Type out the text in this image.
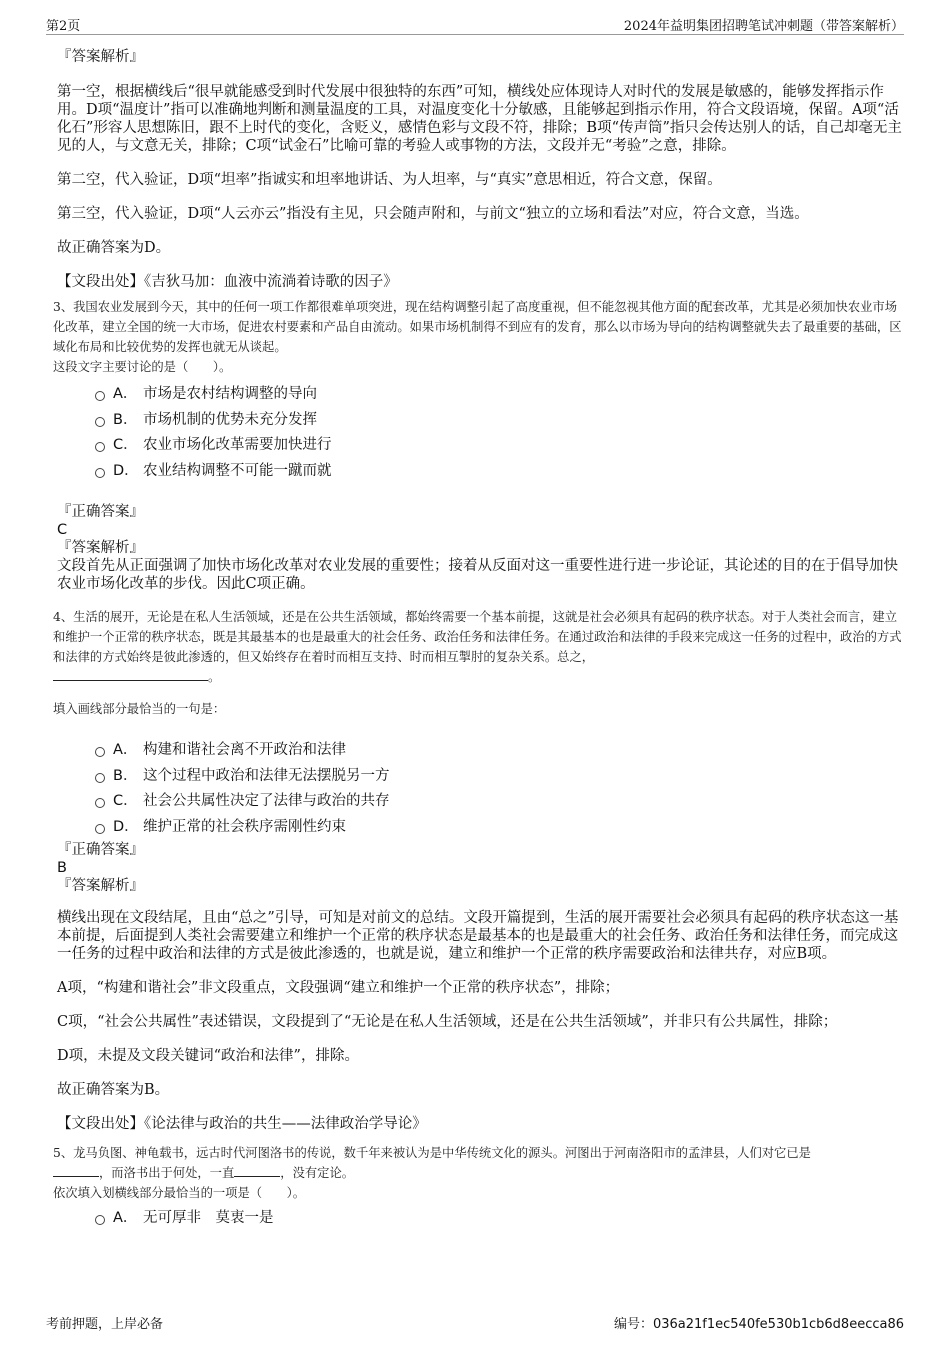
第2页	2024年益明集团招聘笔试冲刺题（带答案解析）

『答案解析』

第一空，根据横线后“很早就能感受到时代发展中很独特的东西”可知，横线处应体现诗人对时代的发展是敏感的，能够发挥指示作用。D项“温度计”指可以准确地判断和测量温度的工具，对温度变化十分敏感，且能够起到指示作用，符合文段语境，保留。A项“活化石”形容人思想陈旧，跟不上时代的变化，含贬义，感情色彩与文段不符，排除；B项“传声筒”指只会传达别人的话，自己却毫无主见的人，与文意无关，排除；C项“试金石”比喻可靠的考验人或事物的方法，文段并无“考验”之意，排除。

第二空，代入验证，D项“坦率”指诚实和坦率地讲话、为人坦率，与“真实”意思相近，符合文意，保留。

第三空，代入验证，D项“人云亦云”指没有主见，只会随声附和，与前文“独立的立场和看法”对应，符合文意，当选。

故正确答案为D。

【文段出处】《吉狄马加：血液中流淌着诗歌的因子》

3、我国农业发展到今天，其中的任何一项工作都很难单项突进，现在结构调整引起了高度重视，但不能忽视其他方面的配套改革，尤其是必须加快农业市场化改革，建立全国的统一大市场，促进农村要素和产品自由流动。如果市场机制得不到应有的发育，那么以市场为导向的结构调整就失去了最重要的基础，区域化布局和比较优势的发挥也就无从谈起。

这段文字主要讨论的是（　　）。

A． 市场是农村结构调整的导向
B． 市场机制的优势未充分发挥
C． 农业市场化改革需要加快进行
D． 农业结构调整不可能一蹴而就

『正确答案』

C

『答案解析』

文段首先从正面强调了加快市场化改革对农业发展的重要性；接着从反面对这一重要性进行进一步论证，其论述的目的在于倡导加快农业市场化改革的步伐。因此C项正确。

4、生活的展开，无论是在私人生活领域，还是在公共生活领域，都始终需要一个基本前提，这就是社会必须具有起码的秩序状态。对于人类社会而言，建立和维护一个正常的秩序状态，既是其最基本的也是最重大的社会任务、政治任务和法律任务。在通过政治和法律的手段来完成这一任务的过程中，政治的方式和法律的方式始终是彼此渗透的，但又始终存在着时而相互支持、时而相互掣肘的复杂关系。总之，
。

填入画线部分最恰当的一句是：

A． 构建和谐社会离不开政治和法律
B． 这个过程中政治和法律无法摆脱另一方
C． 社会公共属性决定了法律与政治的共存
D． 维护正常的社会秩序需刚性约束

『正确答案』

B

『答案解析』

横线出现在文段结尾，且由“总之”引导，可知是对前文的总结。文段开篇提到，生活的展开需要社会必须具有起码的秩序状态这一基本前提，后面提到人类社会需要建立和维护一个正常的秩序状态是最基本的也是最重大的社会任务、政治任务和法律任务，而完成这一任务的过程中政治和法律的方式是彼此渗透的，也就是说，建立和维护一个正常的秩序需要政治和法律共存，对应B项。

A项，“构建和谐社会”非文段重点，文段强调“建立和维护一个正常的秩序状态”，排除；

C项，“社会公共属性”表述错误，文段提到了“无论是在私人生活领域，还是在公共生活领域”，并非只有公共属性，排除；

D项，未提及文段关键词“政治和法律”，排除。

故正确答案为B。

【文段出处】《论法律与政治的共生——法律政治学导论》

5、龙马负图、神龟载书，远古时代河图洛书的传说，数千年来被认为是中华传统文化的源头。河图出于河南洛阳市的孟津县，人们对它已是
，而洛书出于何处，一直	，没有定论。

依次填入划横线部分最恰当的一项是（　　）。

A． 无可厚非　莫衷一是
考前押题，上岸必备	编号：036a21f1ec540fe530b1cb6d8eecca86
